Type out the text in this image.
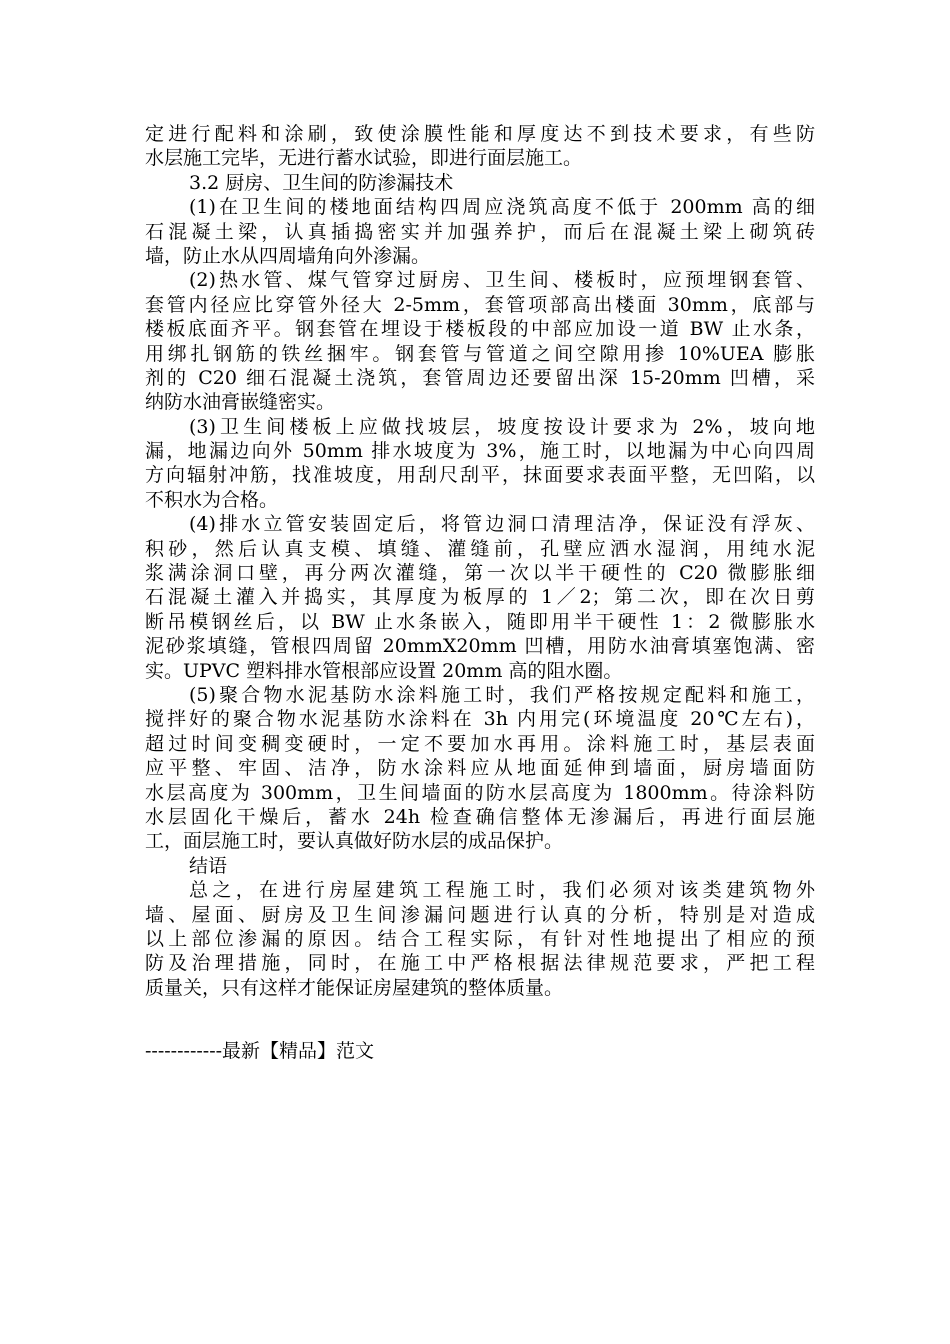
定进行配料和涂刷，致使涂膜性能和厚度达不到技术要求，有些防
水层施工完毕，无进行蓄水试验，即进行面层施工。
3.2 厨房、卫生间的防渗漏技术
(1)在卫生间的楼地面结构四周应浇筑高度不低于 200mm 高的细
石混凝土梁，认真插捣密实并加强养护，而后在混凝土梁上砌筑砖
墙，防止水从四周墙角向外渗漏。
(2)热水管、煤气管穿过厨房、卫生间、楼板时，应预埋钢套管、
套管内径应比穿管外径大 2-5mm，套管项部高出楼面 30mm，底部与
楼板底面齐平。钢套管在埋设于楼板段的中部应加设一道 BW 止水条，
用绑扎钢筋的铁丝捆牢。钢套管与管道之间空隙用掺 10%UEA 膨胀
剂的 C20 细石混凝土浇筑，套管周边还要留出深 15-20mm 凹槽，采
纳防水油膏嵌缝密实。
(3)卫生间楼板上应做找坡层，坡度按设计要求为 2%，坡向地
漏，地漏边向外 50mm 排水坡度为 3%，施工时，以地漏为中心向四周
方向辐射冲筋，找准坡度，用刮尺刮平，抹面要求表面平整，无凹陷，以
不积水为合格。
(4)排水立管安装固定后，将管边洞口清理洁净，保证没有浮灰、
积砂，然后认真支模、填缝、灌缝前，孔壁应洒水湿润，用纯水泥
浆满涂洞口壁，再分两次灌缝，第一次以半干硬性的 C20 微膨胀细
石混凝土灌入并捣实，其厚度为板厚的 1／2；第二次，即在次日剪
断吊模钢丝后，以 BW 止水条嵌入，随即用半干硬性 1：2 微膨胀水
泥砂浆填缝，管根四周留 20mmX20mm 凹槽，用防水油膏填塞饱满、密
实。UPVC 塑料排水管根部应设置 20mm 高的阻水圈。
(5)聚合物水泥基防水涂料施工时，我们严格按规定配料和施工，
搅拌好的聚合物水泥基防水涂料在 3h 内用完(环境温度 20℃左右)，
超过时间变稠变硬时，一定不要加水再用。涂料施工时，基层表面
应平整、牢固、洁净，防水涂料应从地面延伸到墙面，厨房墙面防
水层高度为 300mm，卫生间墙面的防水层高度为 1800mm。待涂料防
水层固化干燥后，蓄水 24h 检查确信整体无渗漏后，再进行面层施
工，面层施工时，要认真做好防水层的成品保护。
结语
总之，在进行房屋建筑工程施工时，我们必须对该类建筑物外
墙、屋面、厨房及卫生间渗漏问题进行认真的分析，特别是对造成
以上部位渗漏的原因。结合工程实际，有针对性地提出了相应的预
防及治理措施，同时，在施工中严格根据法律规范要求，严把工程
质量关，只有这样才能保证房屋建筑的整体质量。
------------最新【精品】范文
